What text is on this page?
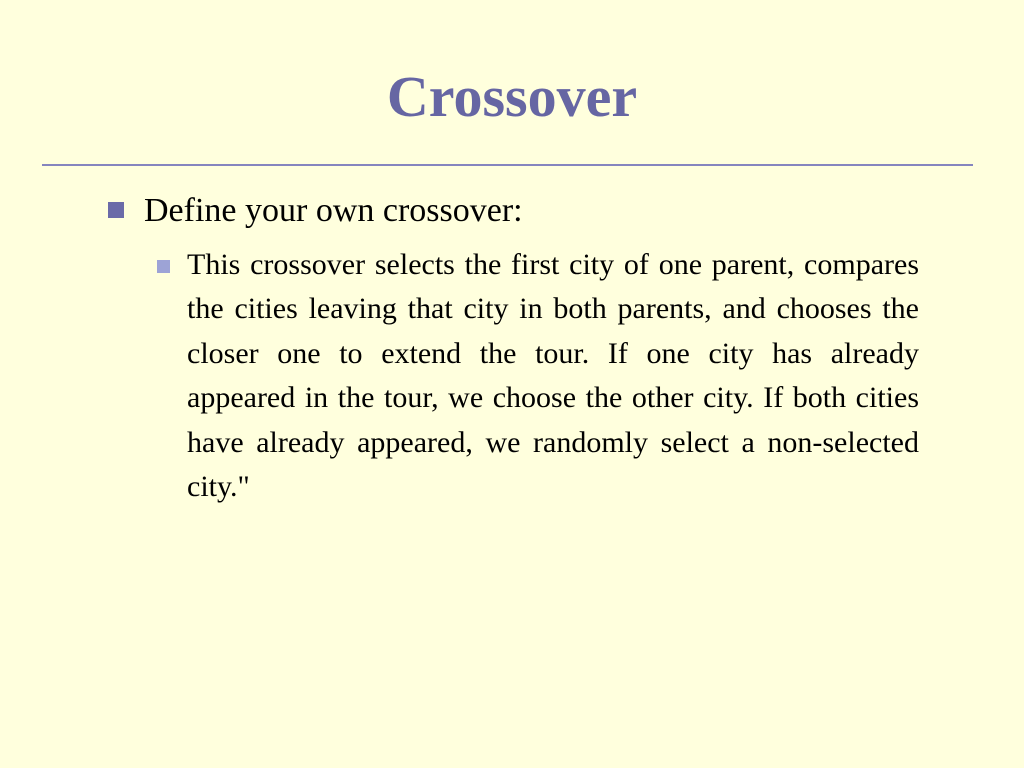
Crossover
Define your own crossover:

This crossover selects the first city of one parent, compares the cities leaving that city in both parents, and chooses the closer one to extend the tour. If one city has already appeared in the tour, we choose the other city. If both cities have already appeared, we randomly select a non-selected city."
